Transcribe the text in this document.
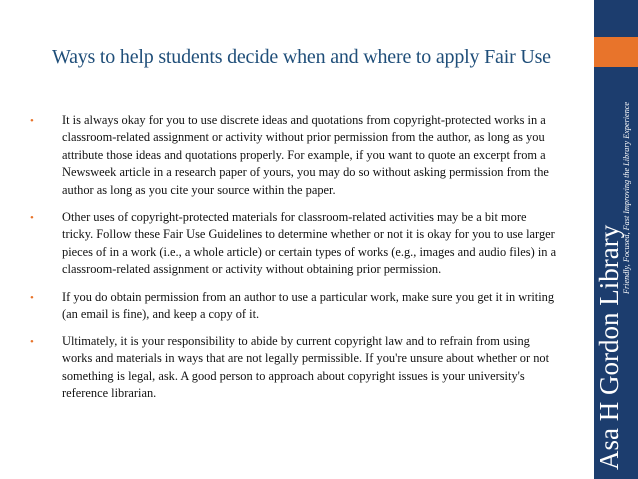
Ways to help students decide when and where to apply Fair Use
•	It is always okay for you to use discrete ideas and quotations from copyright-protected works in a classroom-related assignment or activity without prior permission from the author, as long as you attribute those ideas and quotations properly. For example, if you want to quote an excerpt from a Newsweek article in a research paper of yours, you may do so without asking permission from the author as long as you cite your source within the paper.
•	Other uses of copyright-protected materials for classroom-related activities may be a bit more tricky. Follow these Fair Use Guidelines to determine whether or not it is okay for you to use larger pieces of in a work (i.e., a whole article) or certain types of works (e.g., images and audio files) in a classroom-related assignment or activity without obtaining prior permission.
•	If you do obtain permission from an author to use a particular work, make sure you get it in writing (an email is fine), and keep a copy of it.
•	Ultimately, it is your responsibility to abide by current copyright law and to refrain from using works and materials in ways that are not legally permissible. If you're unsure about whether or not something is legal, ask. A good person to approach about copyright issues is your university's reference librarian.	Asa H Gordon Library
Friendly, Focused, Fast Improving the Library Experience
